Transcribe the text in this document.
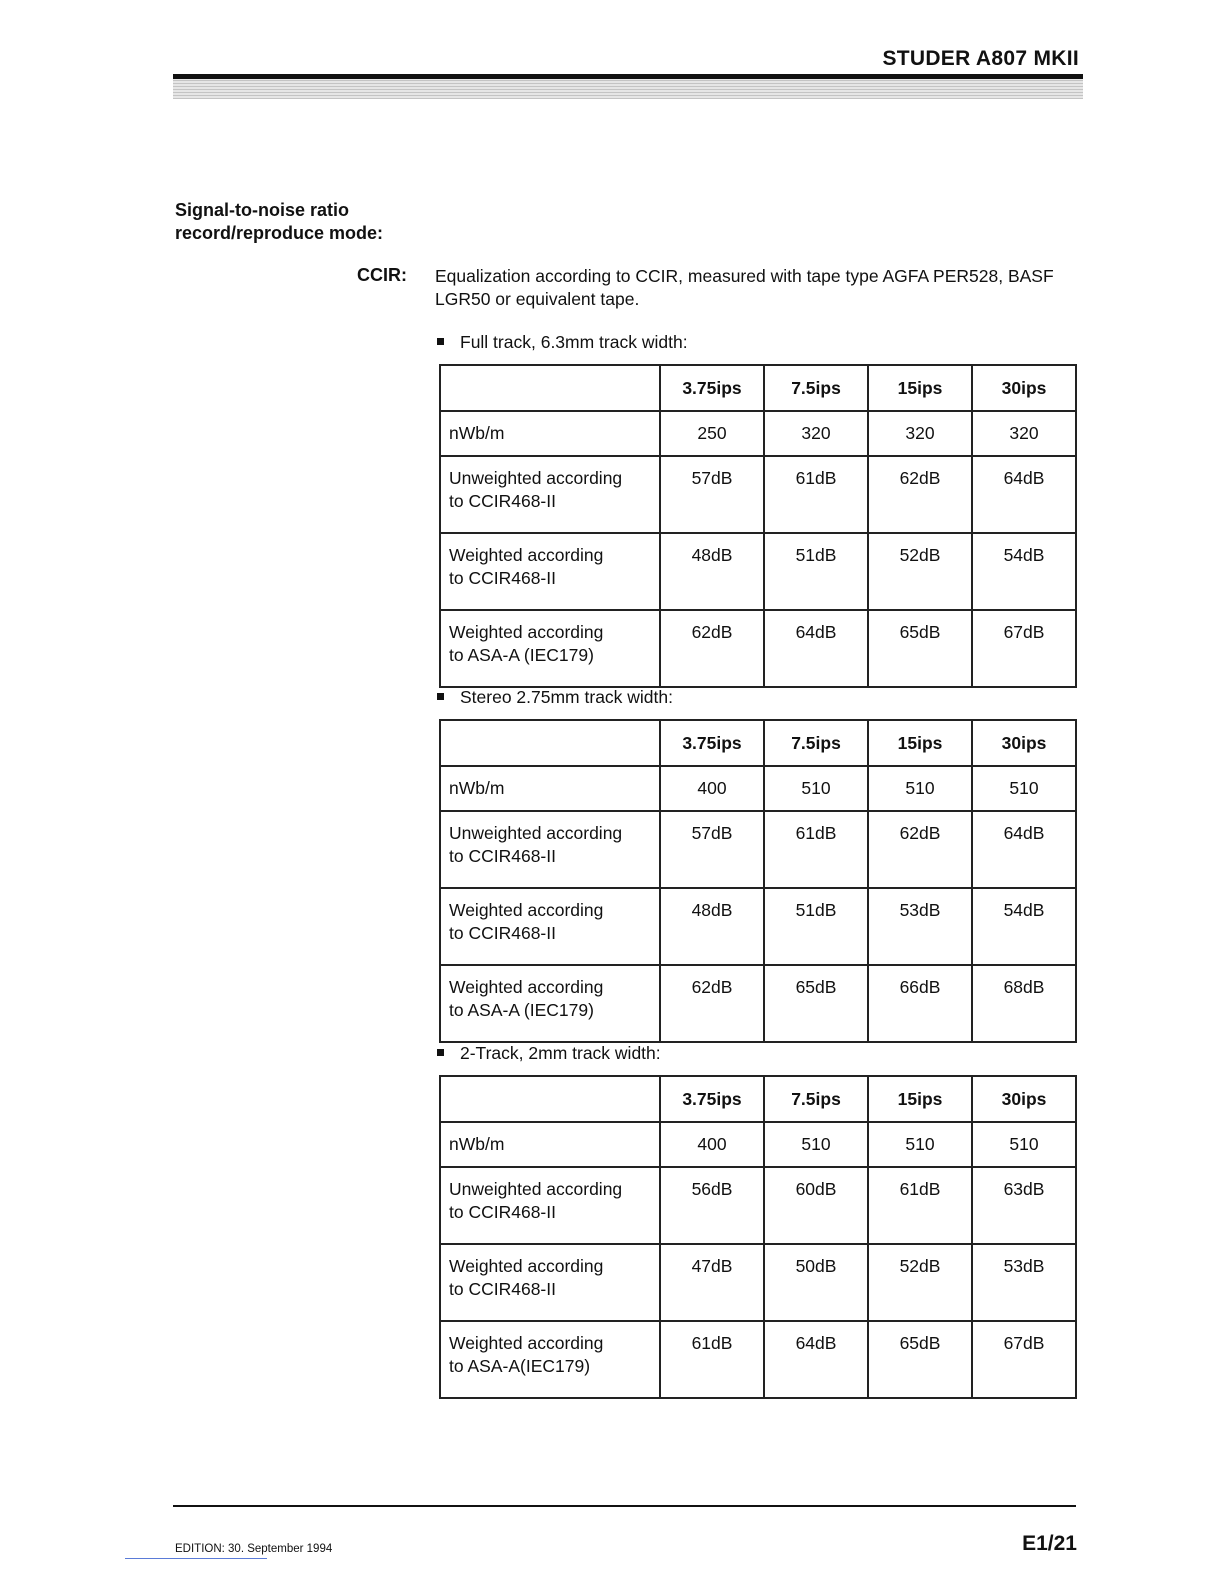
STUDER A807 MKII
Signal-to-noise ratio
record/reproduce mode:
CCIR: Equalization according to CCIR, measured with tape type AGFA PER528, BASF LGR50 or equivalent tape.
Full track, 6.3mm track width:
	3.75ips	7.5ips	15ips	30ips
nWb/m	250	320	320	320

Unweighted according
to CCIR468-II	57dB	61dB	62dB	64dB

Weighted according
to CCIR468-II	48dB	51dB	52dB	54dB

Weighted according
to ASA-A (IEC179)	62dB	64dB	65dB	67dB
Stereo 2.75mm track width:
	3.75ips	7.5ips	15ips	30ips
nWb/m	400	510	510	510

Unweighted according
to CCIR468-II	57dB	61dB	62dB	64dB

Weighted according
to CCIR468-II	48dB	51dB	53dB	54dB

Weighted according
to ASA-A (IEC179)	62dB	65dB	66dB	68dB
2-Track, 2mm track width:
	3.75ips	7.5ips	15ips	30ips
nWb/m	400	510	510	510

Unweighted according
to CCIR468-II	56dB	60dB	61dB	63dB

Weighted according
to CCIR468-II	47dB	50dB	52dB	53dB

Weighted according
to ASA-A(IEC179)	61dB	64dB	65dB	67dB
EDITION: 30. September 1994	E1/21
